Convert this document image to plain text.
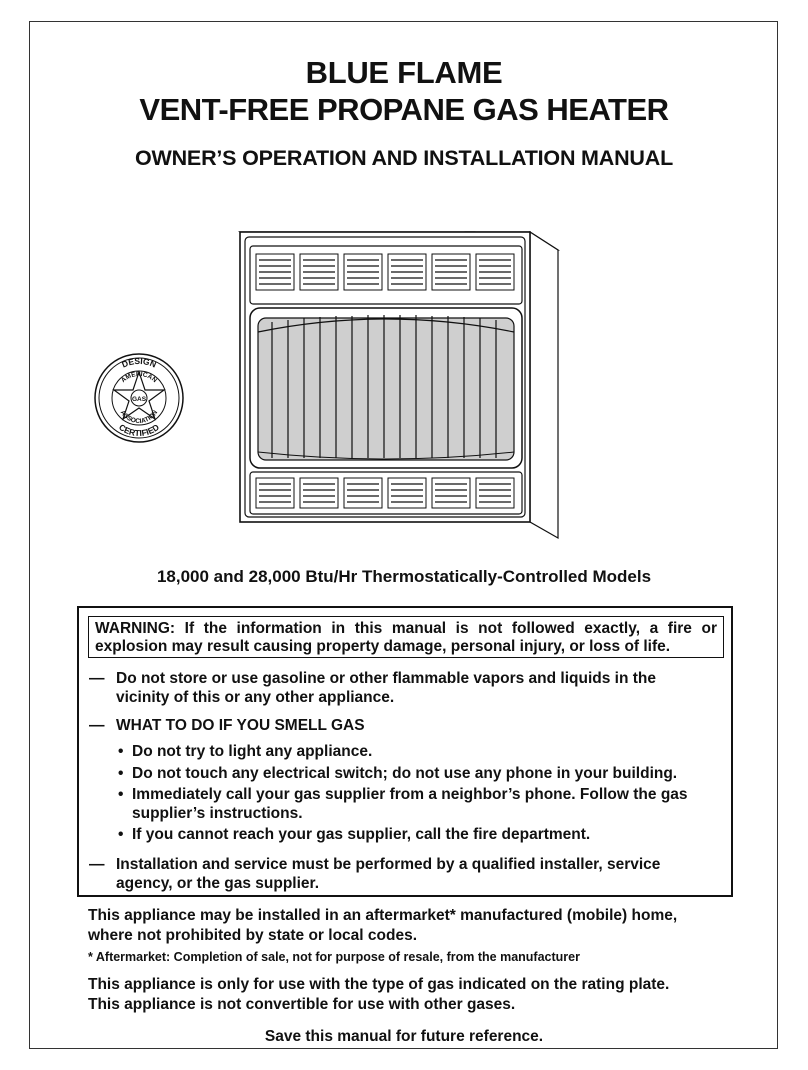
BLUE FLAME
VENT-FREE PROPANE GAS HEATER
OWNER’S OPERATION AND INSTALLATION MANUAL
DESIGN
CERTIFIED
AMERICAN
ASSOCIATION
GAS
18,000 and 28,000 Btu/Hr Thermostatically-Controlled Models
WARNING: If the information in this manual is not followed exactly, a fire or explosion may result causing property damage, personal injury, or loss of life.
— Do not store or use gasoline or other flammable vapors and liquids in the
vicinity of this or any other appliance.
— WHAT TO DO IF YOU SMELL GAS
• Do not try to light any appliance.
• Do not touch any electrical switch; do not use any phone in your building.
• Immediately call your gas supplier from a neighbor’s phone. Follow the gas
supplier’s instructions.
• If you cannot reach your gas supplier, call the fire department.
— Installation and service must be performed by a qualified installer, service
agency, or the gas supplier.
This appliance may be installed in an aftermarket* manufactured (mobile) home,
where not prohibited by state or local codes.
* Aftermarket: Completion of sale, not for purpose of resale, from the manufacturer
This appliance is only for use with the type of gas indicated on the rating plate.
This appliance is not convertible for use with other gases.
Save this manual for future reference.
